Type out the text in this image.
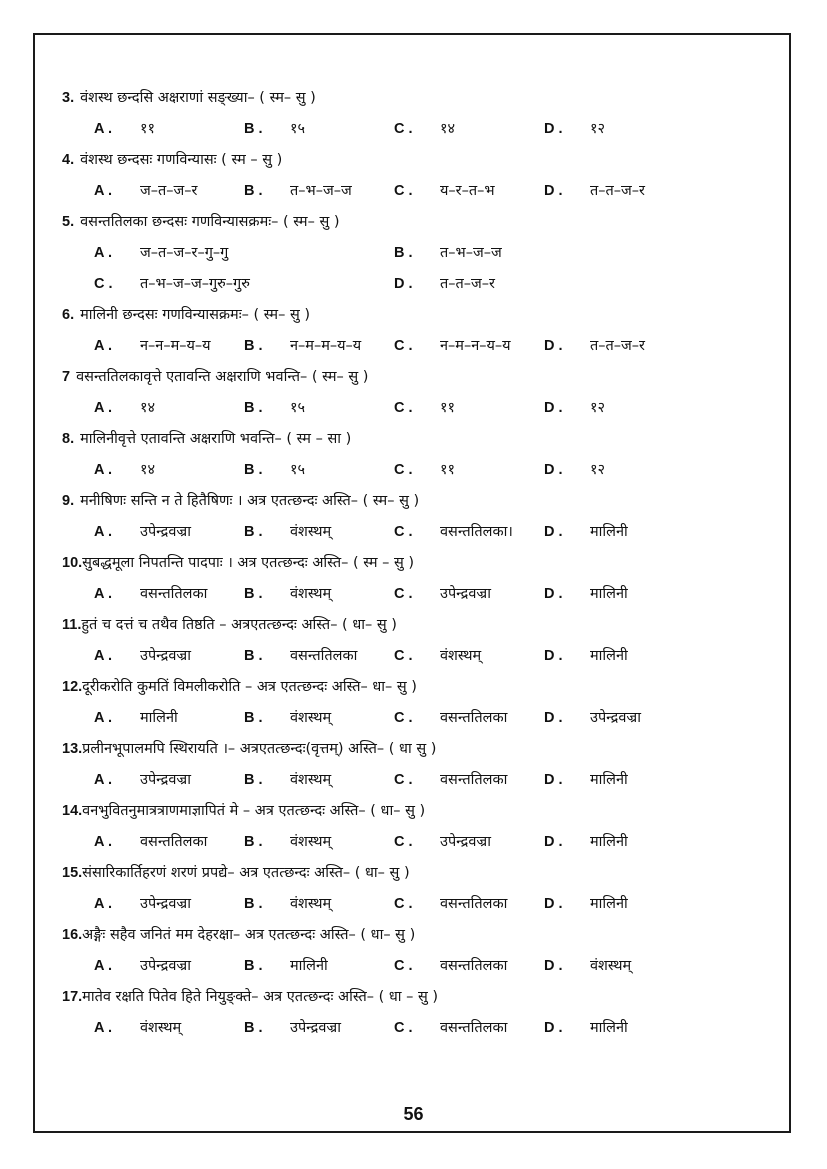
3. वंशस्थ छन्दसि अक्षराणां सङ्ख्या– ( स्म– सु )
A . ११	B . १५	C . १४	D . १२
4. वंशस्थ छन्दसः गणविन्यासः ( स्म – सु )
A . ज–त–ज–र	B . त–भ–ज–ज	C . य–र–त–भ	D . त–त–ज–र
5. वसन्ततिलका छन्दसः गणविन्यासक्रमः– ( स्म– सु )
A . ज–त–ज–र–गु–गु	B . त–भ–ज–ज
C . त–भ–ज–ज–गुरु–गुरु	D . त–त–ज–र
6. मालिनी छन्दसः गणविन्यासक्रमः– ( स्म– सु )
A . न–न–म–य–य B . न–म–म–य–य C . न–म–न–य–य D . त–त–ज–र
7 वसन्ततिलकावृत्ते एतावन्ति अक्षराणि भवन्ति– ( स्म– सु )
A . १४	B . १५	C . ११	D . १२
8. मालिनीवृत्ते एतावन्ति अक्षराणि भवन्ति– ( स्म – सा )
A . १४	B . १५	C . ११	D . १२
9. मनीषिणः सन्ति न ते हितैषिणः । अत्र एतत्छन्दः अस्ति– ( स्म– सु )
A . उपेन्द्रवज्रा	B . वंशस्थम्	C . वसन्ततिलका। D . मालिनी
10.सुबद्धमूला निपतन्ति पादपाः । अत्र एतत्छन्दः अस्ति– ( स्म – सु )
A . वसन्ततिलका	B . वंशस्थम्	C . उपेन्द्रवज्रा	D . मालिनी
11.हुतं च दत्तं च तथैव तिष्ठति – अत्रएतत्छन्दः अस्ति– ( धा– सु )
A . उपेन्द्रवज्रा	B . वसन्ततिलका	C . वंशस्थम्	D . मालिनी
12.दूरीकरोति कुमतिं विमलीकरोति – अत्र एतत्छन्दः अस्ति– धा– सु )
A . मालिनी	B . वंशस्थम्	C . वसन्ततिलका	D . उपेन्द्रवज्रा
13.प्रलीनभूपालमपि स्थिरायति ।– अत्रएतत्छन्दः(वृत्तम्) अस्ति– ( धा सु )
A . उपेन्द्रवज्रा	B . वंशस्थम्	C . वसन्ततिलका	D . मालिनी
14.वनभुवितनुमात्रत्राणमाज्ञापितं मे – अत्र एतत्छन्दः अस्ति– ( धा– सु )
A . वसन्ततिलका	B . वंशस्थम्	C . उपेन्द्रवज्रा	D . मालिनी
15.संसारिकार्तिहरणं शरणं प्रपद्ये– अत्र एतत्छन्दः अस्ति– ( धा– सु )
A . उपेन्द्रवज्रा	B . वंशस्थम्	C . वसन्ततिलका	D . मालिनी
16.अङ्गैः सहैव जनितं मम देहरक्षा– अत्र एतत्छन्दः अस्ति– ( धा– सु )
A . उपेन्द्रवज्रा	B . मालिनी	C . वसन्ततिलका	D . वंशस्थम्
17.मातेव रक्षति पितेव हिते नियुङ्क्ते– अत्र एतत्छन्दः अस्ति– ( धा – सु )
A . वंशस्थम्	B . उपेन्द्रवज्रा	C . वसन्ततिलका	D . मालिनी
56
